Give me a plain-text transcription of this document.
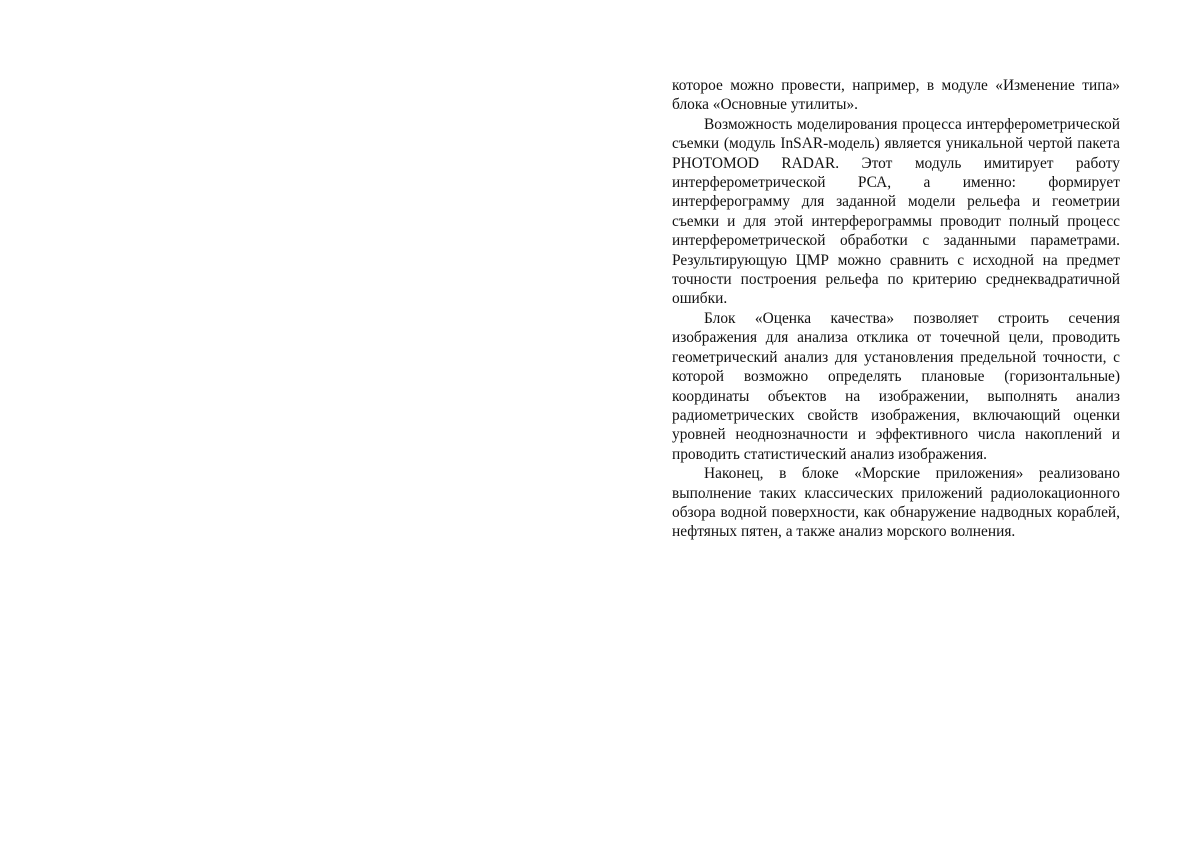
которое можно провести, например, в модуле «Изменение типа» блока «Основные утилиты».

Возможность моделирования процесса интерферометрической съемки (модуль InSAR-модель) является уникальной чертой пакета PHOTOMOD RADAR. Этот модуль имитирует работу интерферометрической РСА, а именно: формирует интерферограмму для заданной модели рельефа и геометрии съемки и для этой интерферограммы проводит полный процесс интерферометрической обработки с заданными параметрами. Результирующую ЦМР можно сравнить с исходной на предмет точности построения рельефа по критерию среднеквадратичной ошибки.

Блок «Оценка качества» позволяет строить сечения изображения для анализа отклика от точечной цели, проводить геометрический анализ для установления предельной точности, с которой возможно определять плановые (горизонтальные) координаты объектов на изображении, выполнять анализ радиометрических свойств изображения, включающий оценки уровней неоднозначности и эффективного числа накоплений и проводить статистический анализ изображения.

Наконец, в блоке «Морские приложения» реализовано выполнение таких классических приложений радиолокационного обзора водной поверхности, как обнаружение надводных кораблей, нефтяных пятен, а также анализ морского волнения.
